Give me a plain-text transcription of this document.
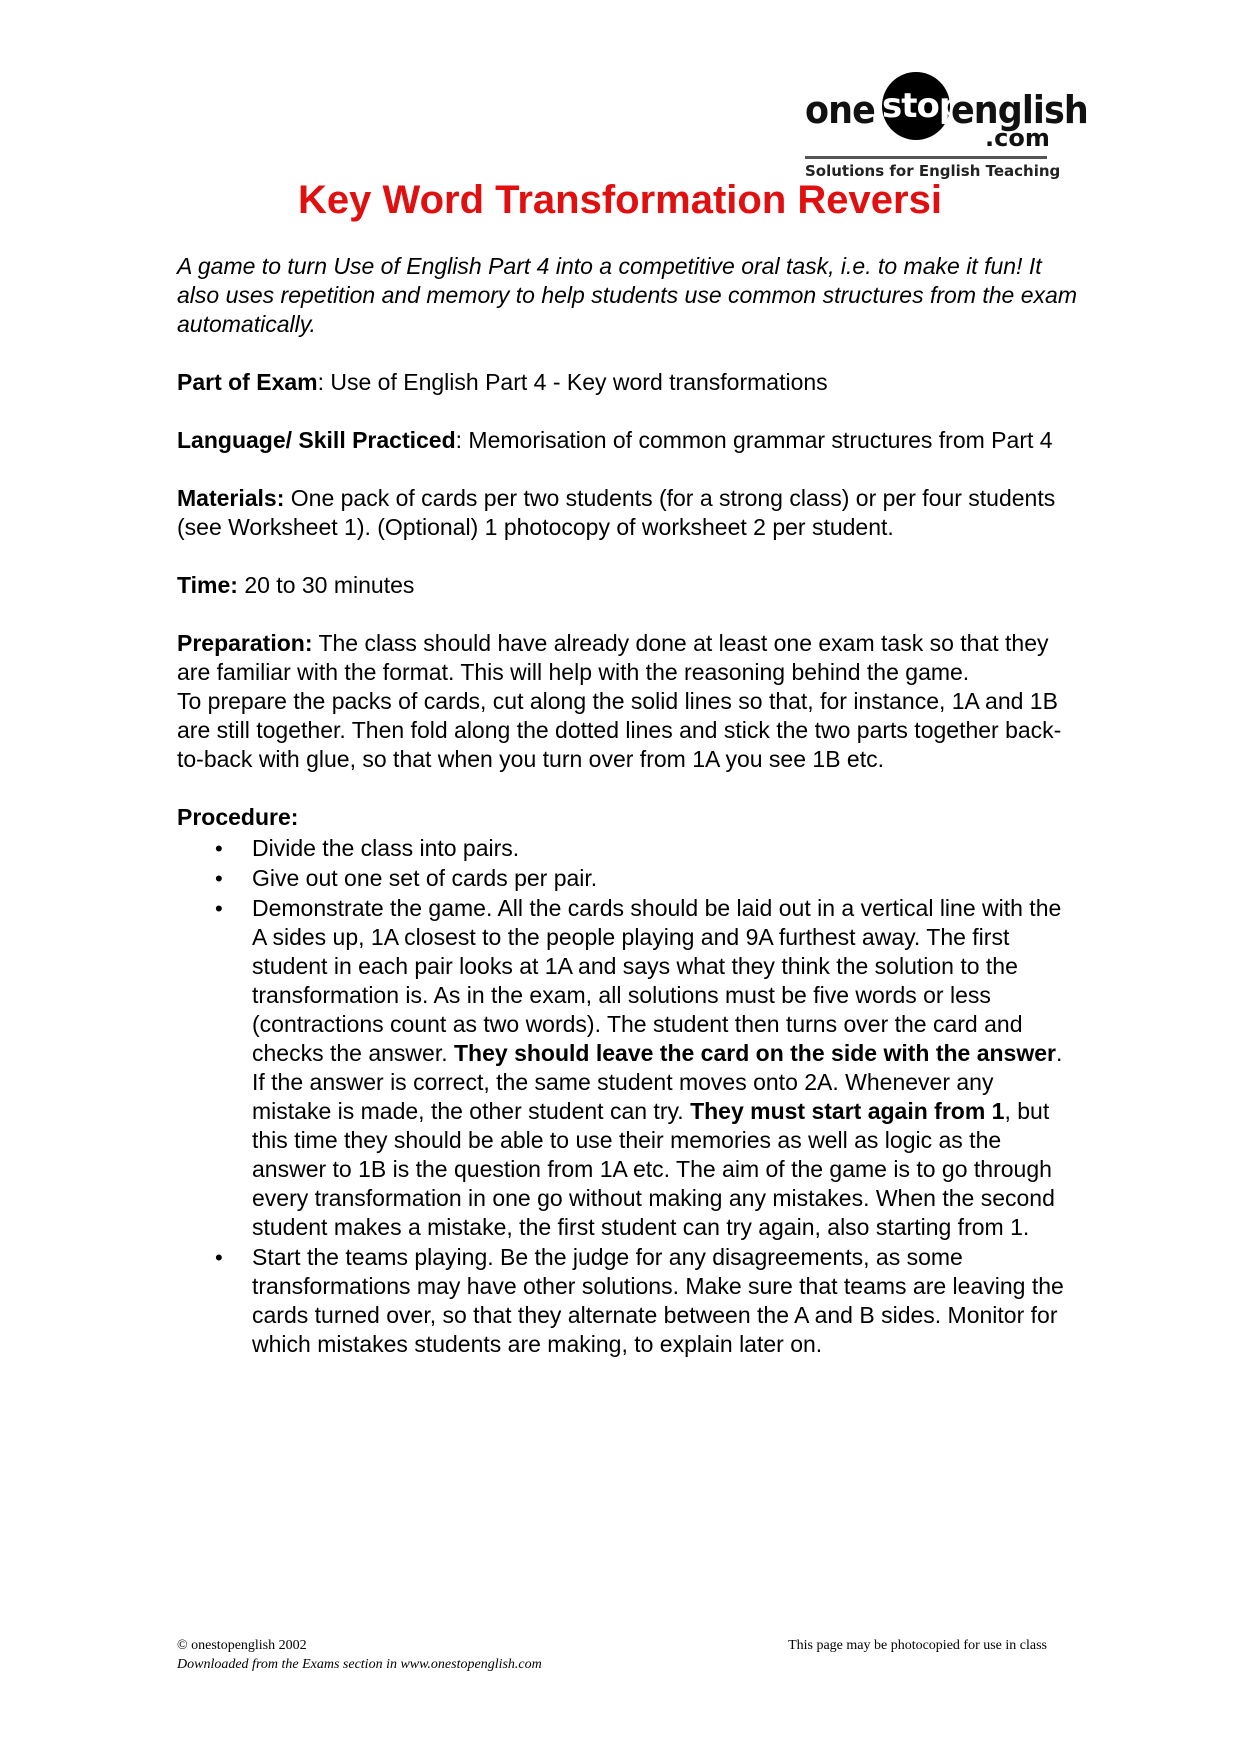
one stop
english
.com
Solutions for English Teaching
Key Word Transformation Reversi

A game to turn Use of English Part 4 into a competitive oral task, i.e. to make it fun! It also uses repetition and memory to help students use common structures from the exam automatically.

Part of Exam: Use of English Part 4 - Key word transformations

Language/ Skill Practiced: Memorisation of common grammar structures from Part 4

Materials: One pack of cards per two students (for a strong class) or per four students (see Worksheet 1). (Optional) 1 photocopy of worksheet 2 per student.

Time: 20 to 30 minutes

Preparation: The class should have already done at least one exam task so that they are familiar with the format. This will help with the reasoning behind the game.

To prepare the packs of cards, cut along the solid lines so that, for instance, 1A and 1B are still together. Then fold along the dotted lines and stick the two parts together back-to-back with glue, so that when you turn over from 1A you see 1B etc.

Procedure:

• Divide the class into pairs.
• Give out one set of cards per pair.
• Demonstrate the game. All the cards should be laid out in a vertical line with the A sides up, 1A closest to the people playing and 9A furthest away. The first student in each pair looks at 1A and says what they think the solution to the transformation is. As in the exam, all solutions must be five words or less (contractions count as two words). The student then turns over the card and checks the answer. They should leave the card on the side with the answer. If the answer is correct, the same student moves onto 2A. Whenever any mistake is made, the other student can try. They must start again from 1, but this time they should be able to use their memories as well as logic as the answer to 1B is the question from 1A etc. The aim of the game is to go through every transformation in one go without making any mistakes. When the second student makes a mistake, the first student can try again, also starting from 1.
• Start the teams playing. Be the judge for any disagreements, as some transformations may have other solutions. Make sure that teams are leaving the cards turned over, so that they alternate between the A and B sides. Monitor for which mistakes students are making, to explain later on.
© onestopenglish 2002	This page may be photocopied for use in class
Downloaded from the Exams section in www.onestopenglish.com
